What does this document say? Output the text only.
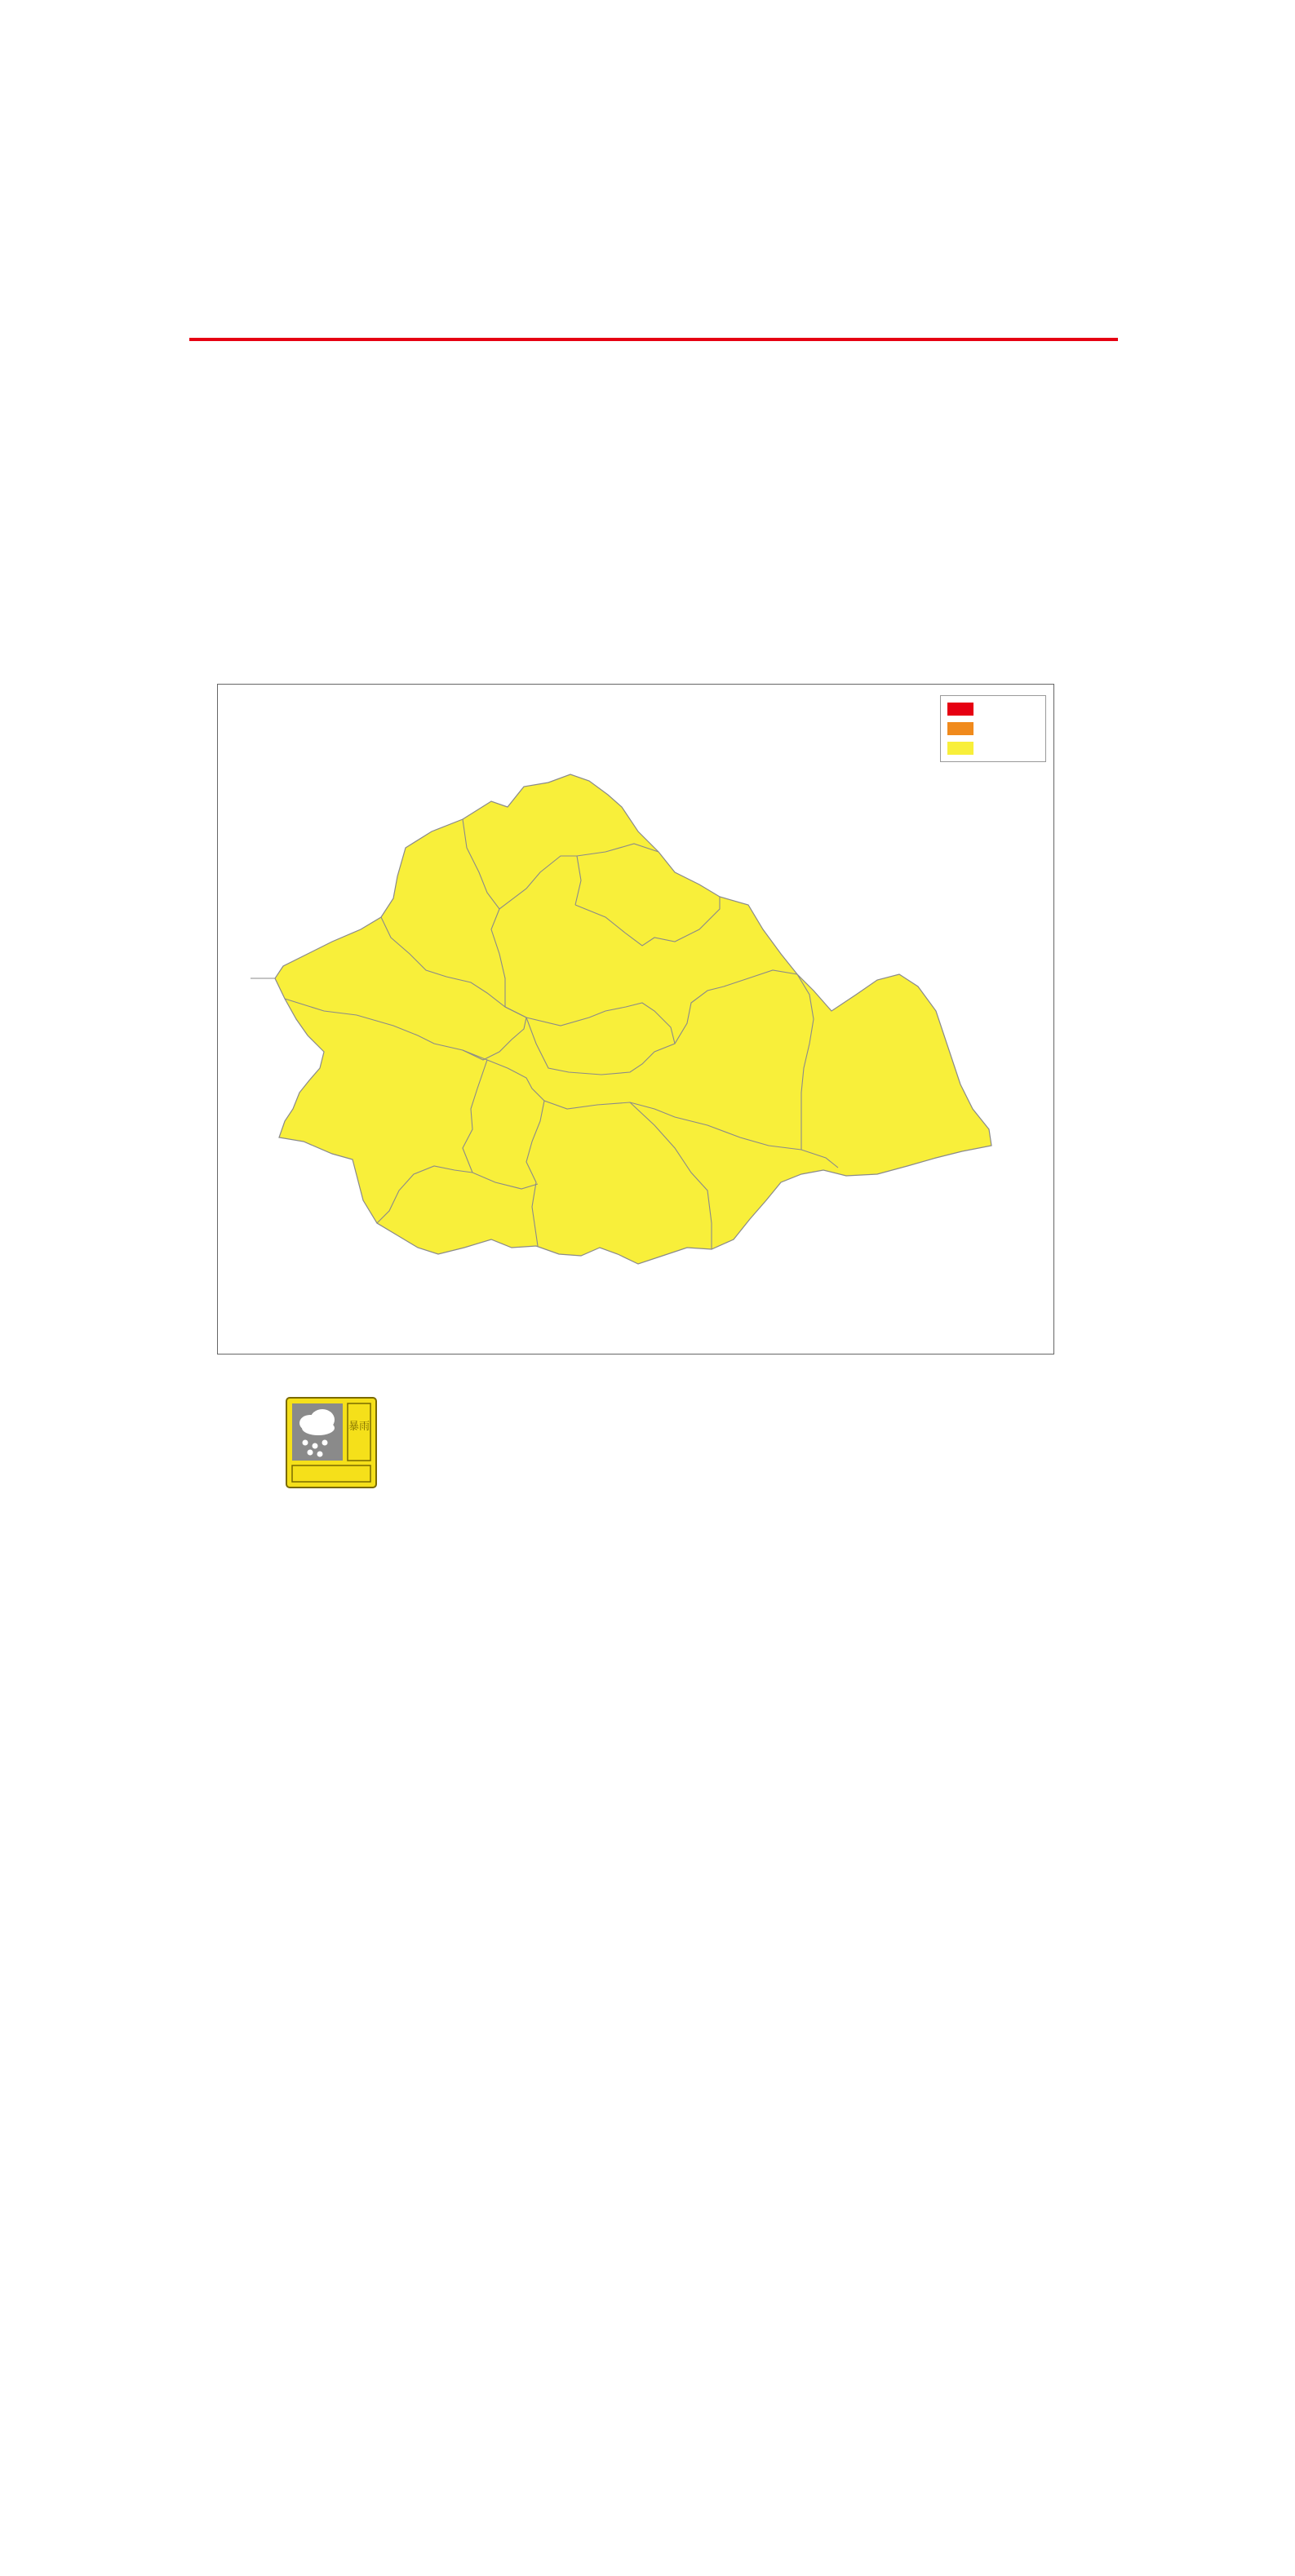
暴雨
